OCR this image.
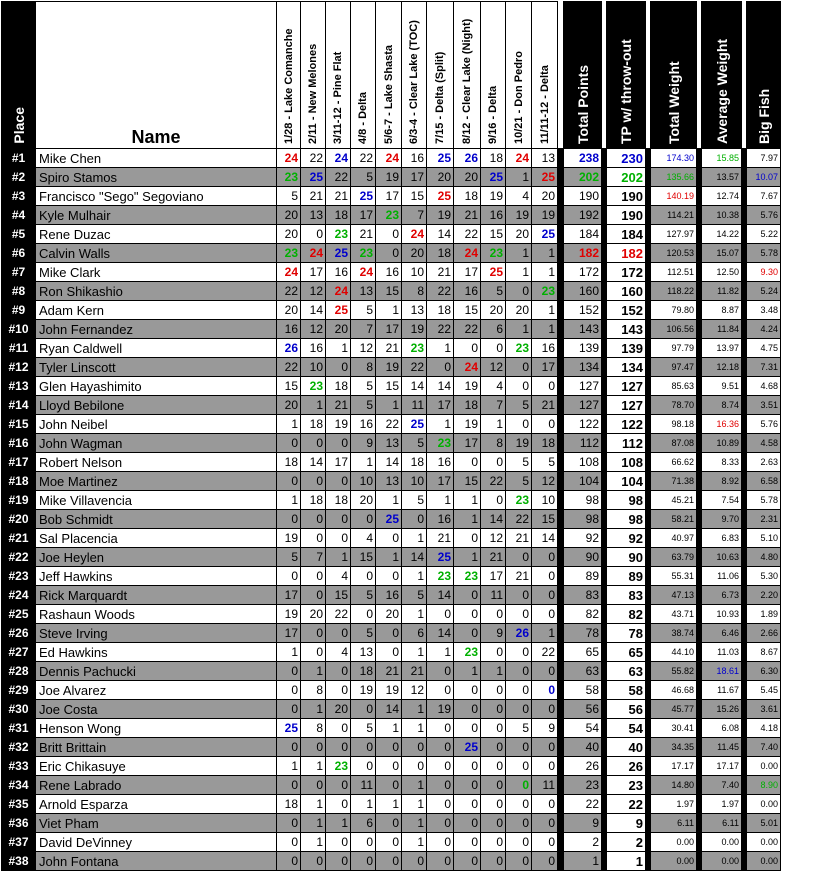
Place	Name	1/28 - Lake Comanche	2/11 - New Melones	3/11-12 - Pine Flat	4/8 - Delta	5/6-7 - Lake Shasta	6/3-4 - Clear Lake (TOC)	7/15 - Delta (Split)	8/12 - Clear Lake (Night)	9/16 - Delta	10/21 - Don Pedro	11/11-12 - Delta		Total Points		TP w/ throw-out		Total Weight		Average Weight		Big Fish

#1	Mike Chen	24	22	24	22	24	16	25	26	18	24	13		238		230		174.30		15.85		7.97
#2	Spiro Stamos	23	25	22	5	19	17	20	20	25	1	25		202		202		135.66		13.57		10.07
#3	Francisco "Sego" Segoviano	5	21	21	25	17	15	25	18	19	4	20		190		190		140.19		12.74		7.67
#4	Kyle Mulhair	20	13	18	17	23	7	19	21	16	19	19		192		190		114.21		10.38		5.76
#5	Rene Duzac	20	0	23	21	0	24	14	22	15	20	25		184		184		127.97		14.22		5.22
#6	Calvin Walls	23	24	25	23	0	20	18	24	23	1	1		182		182		120.53		15.07		5.78
#7	Mike Clark	24	17	16	24	16	10	21	17	25	1	1		172		172		112.51		12.50		9.30
#8	Ron Shikashio	22	12	24	13	15	8	22	16	5	0	23		160		160		118.22		11.82		5.24
#9	Adam Kern	20	14	25	5	1	13	18	15	20	20	1		152		152		79.80		8.87		3.48
#10	John Fernandez	16	12	20	7	17	19	22	22	6	1	1		143		143		106.56		11.84		4.24
#11	Ryan Caldwell	26	16	1	12	21	23	1	0	0	23	16		139		139		97.79		13.97		4.75
#12	Tyler Linscott	22	10	0	8	19	22	0	24	12	0	17		134		134		97.47		12.18		7.31
#13	Glen Hayashimito	15	23	18	5	15	14	14	19	4	0	0		127		127		85.63		9.51		4.68
#14	Lloyd Bebilone	20	1	21	5	1	11	17	18	7	5	21		127		127		78.70		8.74		3.51
#15	John Neibel	1	18	19	16	22	25	1	19	1	0	0		122		122		98.18		16.36		5.76
#16	John Wagman	0	0	0	9	13	5	23	17	8	19	18		112		112		87.08		10.89		4.58
#17	Robert Nelson	18	14	17	1	14	18	16	0	0	5	5		108		108		66.62		8.33		2.63
#18	Moe Martinez	0	0	0	10	13	10	17	15	22	5	12		104		104		71.38		8.92		6.58
#19	Mike Villavencia	1	18	18	20	1	5	1	1	0	23	10		98		98		45.21		7.54		5.78
#20	Bob Schmidt	0	0	0	0	25	0	16	1	14	22	15		98		98		58.21		9.70		2.31
#21	Sal Placencia	19	0	0	4	0	1	21	0	12	21	14		92		92		40.97		6.83		5.10
#22	Joe Heylen	5	7	1	15	1	14	25	1	21	0	0		90		90		63.79		10.63		4.80
#23	Jeff Hawkins	0	0	4	0	0	1	23	23	17	21	0		89		89		55.31		11.06		5.30
#24	Rick Marquardt	17	0	15	5	16	5	14	0	11	0	0		83		83		47.13		6.73		2.20
#25	Rashaun Woods	19	20	22	0	20	1	0	0	0	0	0		82		82		43.71		10.93		1.89
#26	Steve Irving	17	0	0	5	0	6	14	0	9	26	1		78		78		38.74		6.46		2.66
#27	Ed Hawkins	1	0	4	13	0	1	1	23	0	0	22		65		65		44.10		11.03		8.67
#28	Dennis Pachucki	0	1	0	18	21	21	0	1	1	0	0		63		63		55.82		18.61		6.30
#29	Joe Alvarez	0	8	0	19	19	12	0	0	0	0	0		58		58		46.68		11.67		5.45
#30	Joe Costa	0	1	20	0	14	1	19	0	0	0	0		56		56		45.77		15.26		3.61
#31	Henson Wong	25	8	0	5	1	1	0	0	0	5	9		54		54		30.41		6.08		4.18
#32	Britt Brittain	0	0	0	0	0	0	0	25	0	0	0		40		40		34.35		11.45		7.40
#33	Eric Chikasuye	1	1	23	0	0	0	0	0	0	0	0		26		26		17.17		17.17		0.00
#34	Rene Labrado	0	0	0	11	0	1	0	0	0	0	11		23		23		14.80		7.40		8.90
#35	Arnold Esparza	18	1	0	1	1	1	0	0	0	0	0		22		22		1.97		1.97		0.00
#36	Viet Pham	0	1	1	6	0	1	0	0	0	0	0		9		9		6.11		6.11		5.01
#37	David DeVinney	0	1	0	0	0	1	0	0	0	0	0		2		2		0.00		0.00		0.00
#38	John Fontana	0	0	0	0	0	0	0	0	0	0	0		1		1		0.00		0.00		0.00
